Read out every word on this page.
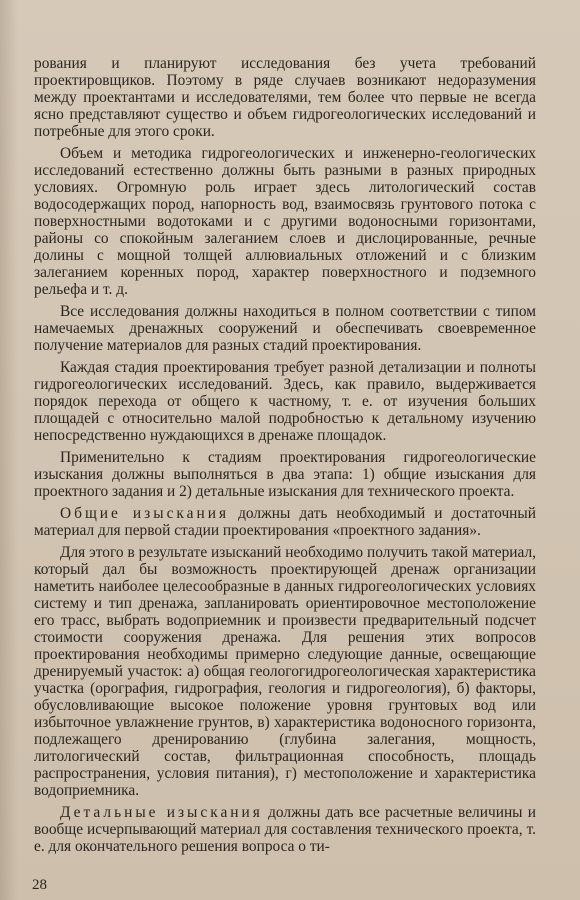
рования и планируют исследования без учета требований проектировщиков. Поэтому в ряде случаев возникают недоразумения между проектантами и исследователями, тем более что первые не всегда ясно представляют существо и объем гидрогеологических исследований и потребные для этого сроки.

Объем и методика гидрогеологических и инженерно-геологических исследований естественно должны быть разными в разных природных условиях. Огромную роль играет здесь литологический состав водосодержащих пород, напорность вод, взаимосвязь грунтового потока с поверхностными водотоками и с другими водоносными горизонтами, районы со спокойным залеганием слоев и дислоцированные, речные долины с мощной толщей аллювиальных отложений и с близким залеганием коренных пород, характер поверхностного и подземного рельефа и т. д.

Все исследования должны находиться в полном соответствии с типом намечаемых дренажных сооружений и обеспечивать своевременное получение материалов для разных стадий проектирования.

Каждая стадия проектирования требует разной детализации и полноты гидрогеологических исследований. Здесь, как правило, выдерживается порядок перехода от общего к частному, т. е. от изучения больших площадей с относительно малой подробностью к детальному изучению непосредственно нуждающихся в дренаже площадок.

Применительно к стадиям проектирования гидрогеологические изыскания должны выполняться в два этапа: 1) общие изыскания для проектного задания и 2) детальные изыскания для технического проекта.

Общие изыскания должны дать необходимый и достаточный материал для первой стадии проектирования «проектного задания».

Для этого в результате изысканий необходимо получить такой материал, который дал бы возможность проектирующей дренаж организации наметить наиболее целесообразные в данных гидрогеологических условиях систему и тип дренажа, запланировать ориентировочное местоположение его трасс, выбрать водоприемник и произвести предварительный подсчет стоимости сооружения дренажа. Для решения этих вопросов проектирования необходимы примерно следующие данные, освещающие дренируемый участок: а) общая геологогидрогеологическая характеристика участка (орография, гидрография, геология и гидрогеология), б) факторы, обусловливающие высокое положение уровня грунтовых вод или избыточное увлажнение грунтов, в) характеристика водоносного горизонта, подлежащего дренированию (глубина залегания, мощность, литологический состав, фильтрационная способность, площадь распространения, условия питания), г) местоположение и характеристика водоприемника.

Детальные изыскания должны дать все расчетные величины и вообще исчерпывающий материал для составления технического проекта, т. е. для окончательного решения вопроса о ти-

28
